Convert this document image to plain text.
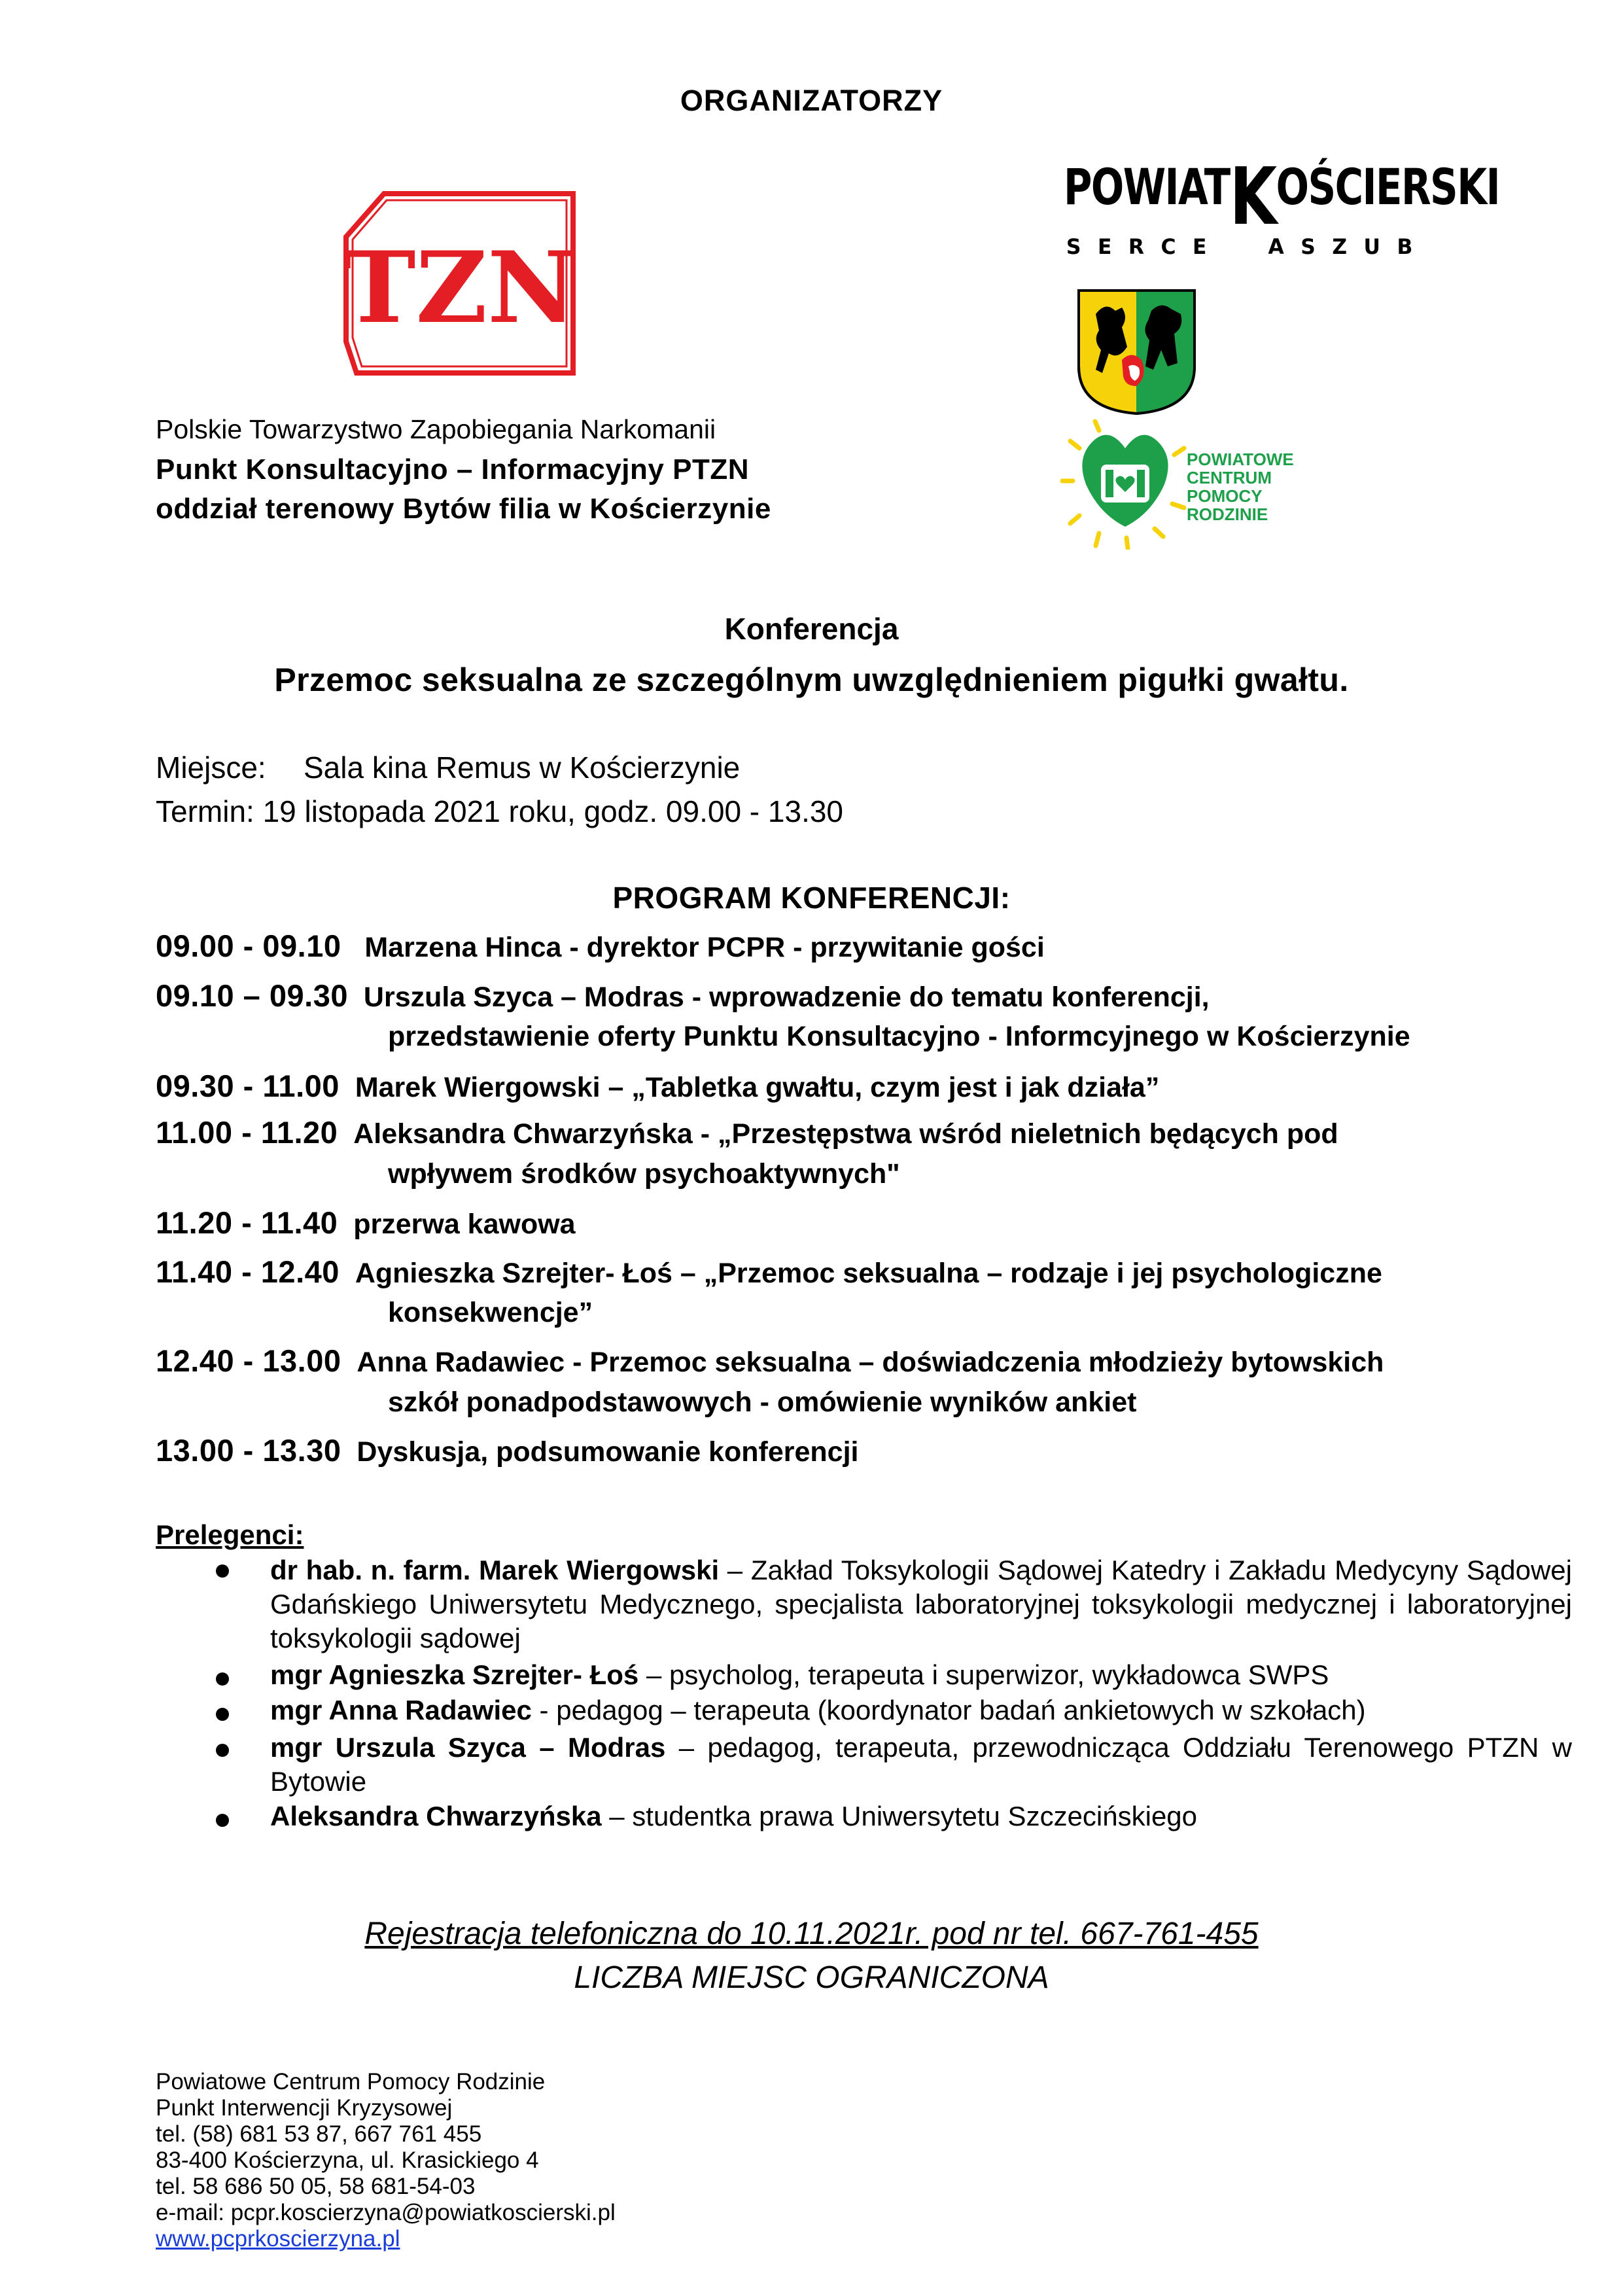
ORGANIZATORZY
TZN
Polskie Towarzystwo Zapobiegania Narkomanii
Punkt Konsultacyjno – Informacyjny PTZN
oddział terenowy Bytów filia w Kościerzynie
POWIATKOŚCIERSKI
SERCE ASZUB
POWIATOWE
CENTRUM
POMOCY
RODZINIE
Konferencja
Przemoc seksualna ze szczególnym uwzględnieniem pigułki gwałtu.
Miejsce: Sala kina Remus w Kościerzynie
Termin: 19 listopada 2021 roku, godz. 09.00 - 13.30
PROGRAM KONFERENCJI:
09.00 - 09.10 Marzena Hinca - dyrektor PCPR - przywitanie gości
09.10 – 09.30 Urszula Szyca – Modras - wprowadzenie do tematu konferencji,
przedstawienie oferty Punktu Konsultacyjno - Informcyjnego w Kościerzynie
09.30 - 11.00 Marek Wiergowski – „Tabletka gwałtu, czym jest i jak działa”
11.00 - 11.20 Aleksandra Chwarzyńska - „Przestępstwa wśród nieletnich będących pod
wpływem środków psychoaktywnych"
11.20 - 11.40 przerwa kawowa
11.40 - 12.40 Agnieszka Szrejter- Łoś – „Przemoc seksualna – rodzaje i jej psychologiczne
konsekwencje”
12.40 - 13.00 Anna Radawiec - Przemoc seksualna – doświadczenia młodzieży bytowskich
szkół ponadpodstawowych - omówienie wyników ankiet
13.00 - 13.30 Dyskusja, podsumowanie konferencji
Prelegenci:
dr hab. n. farm. Marek Wiergowski – Zakład Toksykologii Sądowej Katedry i Zakładu Medycyny Sądowej Gdańskiego Uniwersytetu Medycznego, specjalista laboratoryjnej toksykologii medycznej i laboratoryjnej toksykologii sądowej
mgr Agnieszka Szrejter- Łoś – psycholog, terapeuta i superwizor, wykładowca SWPS
mgr Anna Radawiec - pedagog – terapeuta (koordynator badań ankietowych w szkołach)
mgr Urszula Szyca – Modras – pedagog, terapeuta, przewodnicząca Oddziału Terenowego PTZN w Bytowie
Aleksandra Chwarzyńska – studentka prawa Uniwersytetu Szczecińskiego
Rejestracja telefoniczna do 10.11.2021r. pod nr tel. 667-761-455
LICZBA MIEJSC OGRANICZONA
Powiatowe Centrum Pomocy Rodzinie
Punkt Interwencji Kryzysowej
tel. (58) 681 53 87, 667 761 455
83-400 Kościerzyna, ul. Krasickiego 4
tel. 58 686 50 05, 58 681-54-03
e-mail: pcpr.koscierzyna@powiatkoscierski.pl
www.pcprkoscierzyna.pl
